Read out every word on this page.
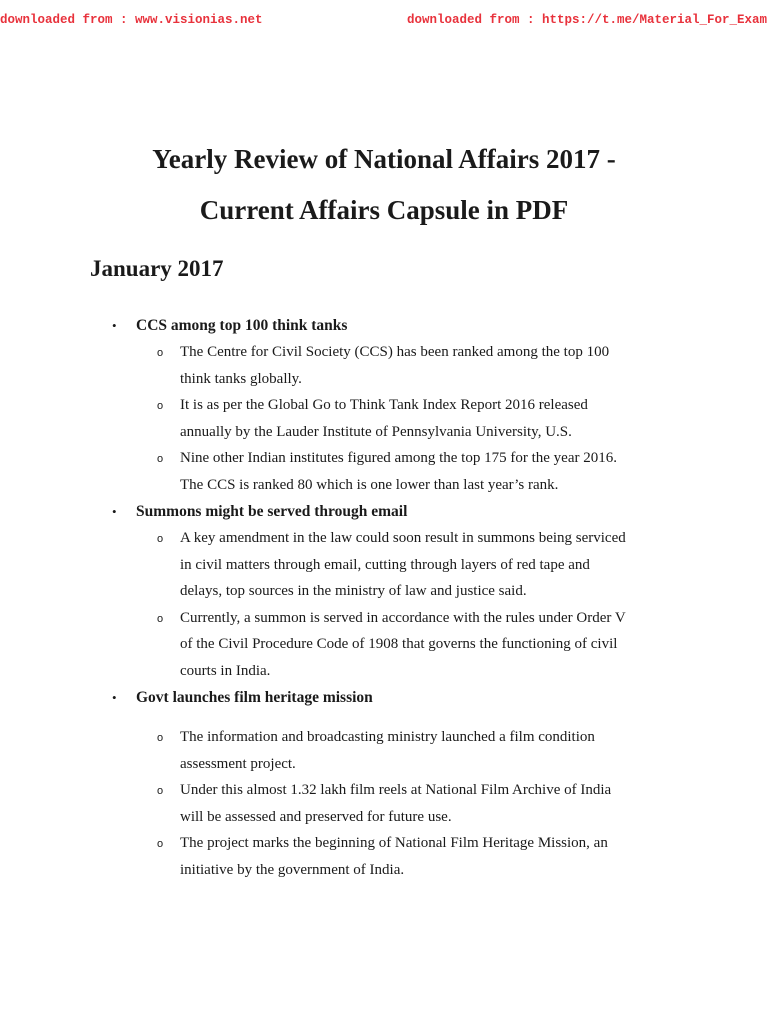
downloaded from : www.visionias.net	downloaded from : https://t.me/Material_For_Exam
Yearly Review of National Affairs 2017 -
Current Affairs Capsule in PDF
January 2017
• CCS among top 100 think tanks
o The Centre for Civil Society (CCS) has been ranked among the top 100
think tanks globally.
o It is as per the Global Go to Think Tank Index Report 2016 released
annually by the Lauder Institute of Pennsylvania University, U.S.
o Nine other Indian institutes figured among the top 175 for the year 2016.
The CCS is ranked 80 which is one lower than last year’s rank.
• Summons might be served through email
o A key amendment in the law could soon result in summons being serviced
in civil matters through email, cutting through layers of red tape and
delays, top sources in the ministry of law and justice said.
o Currently, a summon is served in accordance with the rules under Order V
of the Civil Procedure Code of 1908 that governs the functioning of civil
courts in India.
• Govt launches film heritage mission
o The information and broadcasting ministry launched a film condition
assessment project.
o Under this almost 1.32 lakh film reels at National Film Archive of India
will be assessed and preserved for future use.
o The project marks the beginning of National Film Heritage Mission, an
initiative by the government of India.
